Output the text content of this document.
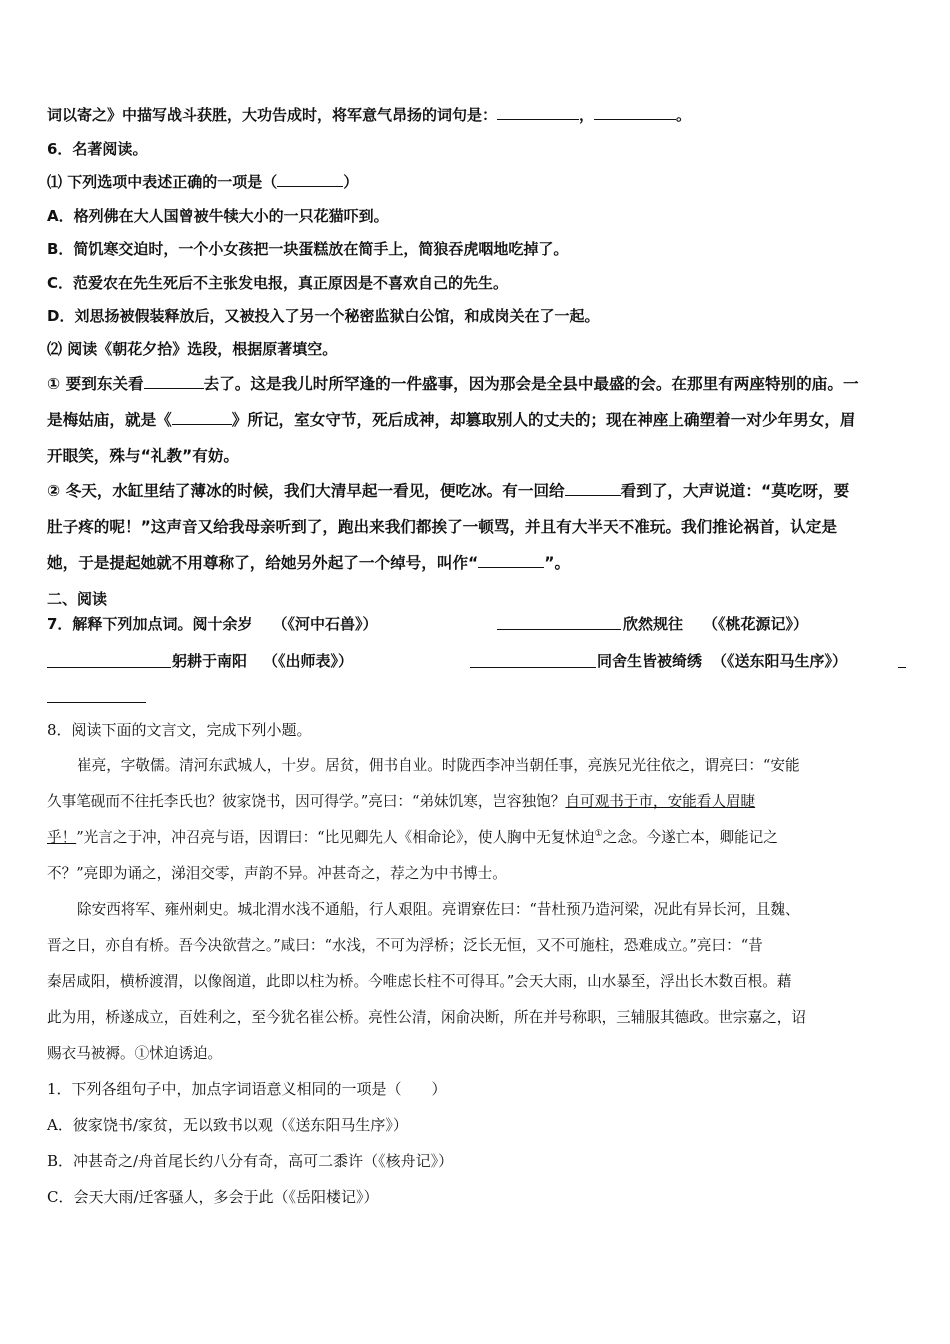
词以寄之》中描写战斗获胜，大功告成时，将军意气昂扬的词句是：	，	。
6．名著阅读。
⑴ 下列选项中表述正确的一项是（	）
A．格列佛在大人国曾被牛犊大小的一只花猫吓到。
B．简饥寒交迫时，一个小女孩把一块蛋糕放在简手上，简狼吞虎咽地吃掉了。
C．范爱农在先生死后不主张发电报，真正原因是不喜欢自己的先生。
D．刘思扬被假装释放后，又被投入了另一个秘密监狱白公馆，和成岗关在了一起。
⑵ 阅读《朝花夕拾》选段，根据原著填空。
① 要到东关看	去了。这是我儿时所罕逢的一件盛事，因为那会是全县中最盛的会。在那里有两座特别的庙。一
是梅姑庙，就是《	》所记，室女守节，死后成神，却篡取别人的丈夫的；现在神座上确塑着一对少年男女，眉
开眼笑，殊与“礼教”有妨。
② 冬天，水缸里结了薄冰的时候，我们大清早起一看见，便吃冰。有一回给	看到了，大声说道：“莫吃呀，要
肚子疼的呢！”这声音又给我母亲听到了，跑出来我们都挨了一顿骂，并且有大半天不准玩。我们推论祸首，认定是
她，于是提起她就不用尊称了，给她另外起了一个绰号，叫作“	”。
二、阅读
7．解释下列加点词。阅十余岁 （《河中石兽》）	欣然规往 （《桃花源记》）
躬耕于南阳 （《出师表》）	同舍生皆被绮绣 （《送东阳马生序》）
8．阅读下面的文言文，完成下列小题。
崔亮，字敬儒。清河东武城人，十岁。居贫，佣书自业。时陇西李冲当朝任事，亮族兄光往依之，谓亮曰：“安能
久事笔砚而不往托李氏也？彼家饶书，因可得学。”亮曰：“弟妹饥寒，岂容独饱？自可观书于市，安能看人眉睫
乎！”光言之于冲，冲召亮与语，因谓曰：“比见卿先人《相命论》，使人胸中无复怵迫①之念。今遂亡本，卿能记之
不？”亮即为诵之，涕泪交零，声韵不异。冲甚奇之，荐之为中书博士。
除安西将军、雍州刺史。城北渭水浅不通船，行人艰阻。亮谓寮佐曰：“昔杜预乃造河梁，况此有异长河，且魏、
晋之日，亦自有桥。吾今决欲营之。”咸曰：“水浅，不可为浮桥；泛长无恒，又不可施柱，恐难成立。”亮曰：“昔
秦居咸阳，横桥渡渭，以像阁道，此即以柱为桥。今唯虑长柱不可得耳。”会天大雨，山水暴至，浮出长木数百根。藉
此为用，桥遂成立，百姓利之，至今犹名崔公桥。亮性公清，闲俞决断，所在并号称职，三辅服其德政。世宗嘉之，诏
赐衣马被褥。①怵迫诱迫。
1．下列各组句子中，加点字词语意义相同的一项是（　　）
A．彼家饶书/家贫，无以致书以观（《送东阳马生序》）
B．冲甚奇之/舟首尾长约八分有奇，高可二黍许（《核舟记》）
C．会天大雨/迁客骚人，多会于此（《岳阳楼记》）
